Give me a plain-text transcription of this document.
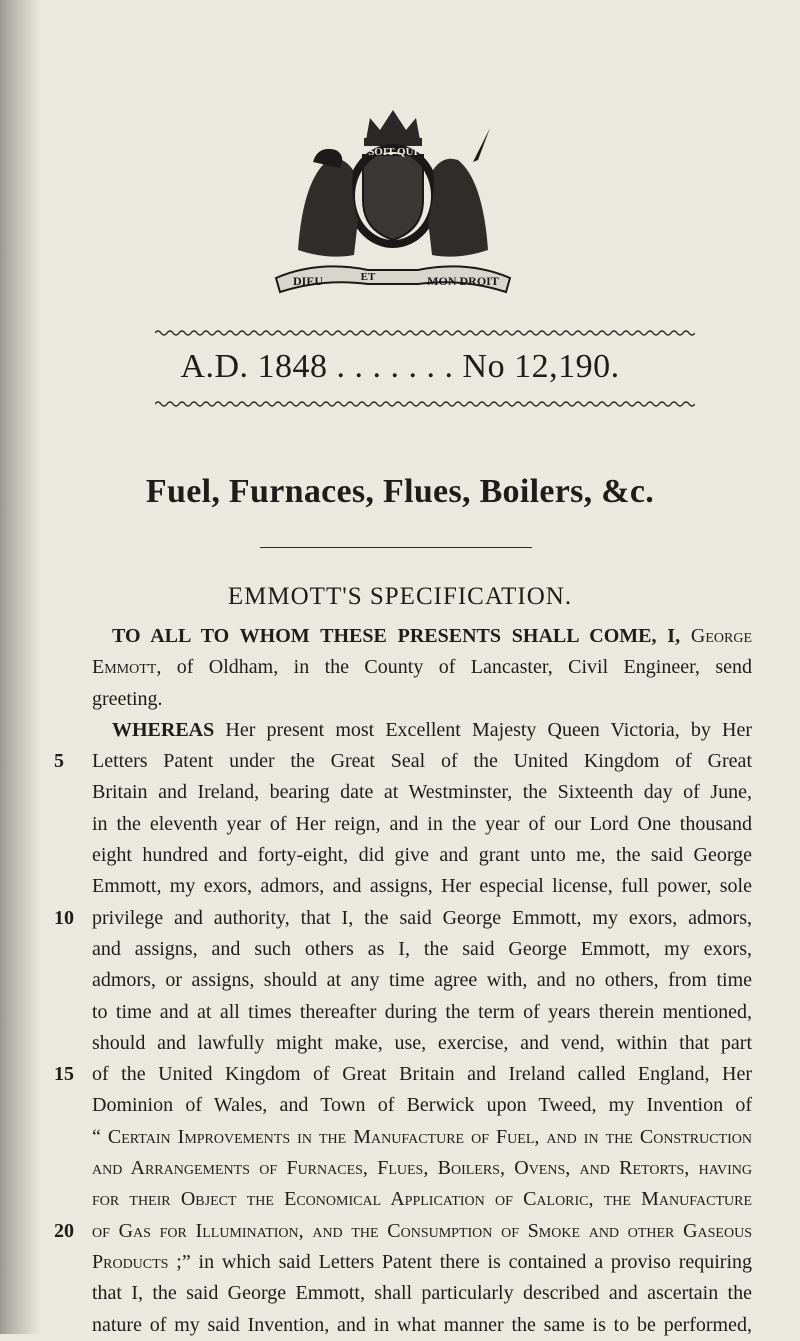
SOIT QUI
DIEU	ET	MON DROIT
A.D. 1848 . . . . . . . No 12,190.
Fuel, Furnaces, Flues, Boilers, &c.
EMMOTT'S SPECIFICATION.
TO ALL TO WHOM THESE PRESENTS SHALL COME, I, George
Emmott, of Oldham, in the County of Lancaster, Civil Engineer, send
greeting.
WHEREAS Her present most Excellent Majesty Queen Victoria, by Her
5 Letters Patent under the Great Seal of the United Kingdom of Great
Britain and Ireland, bearing date at Westminster, the Sixteenth day of June,
in the eleventh year of Her reign, and in the year of our Lord One thousand
eight hundred and forty-eight, did give and grant unto me, the said George
Emmott, my exors, admors, and assigns, Her especial license, full power, sole
10 privilege and authority, that I, the said George Emmott, my exors, admors,
and assigns, and such others as I, the said George Emmott, my exors,
admors, or assigns, should at any time agree with, and no others, from time
to time and at all times thereafter during the term of years therein mentioned,
should and lawfully might make, use, exercise, and vend, within that part
15 of the United Kingdom of Great Britain and Ireland called England, Her
Dominion of Wales, and Town of Berwick upon Tweed, my Invention of
“ Certain Improvements in the Manufacture of Fuel, and in the Construction
and Arrangements of Furnaces, Flues, Boilers, Ovens, and Retorts, having
for their Object the Economical Application of Caloric, the Manufacture
20 of Gas for Illumination, and the Consumption of Smoke and other Gaseous
Products ;” in which said Letters Patent there is contained a proviso requiring
that I, the said George Emmott, shall particularly described and ascertain the
nature of my said Invention, and in what manner the same is to be performed,
